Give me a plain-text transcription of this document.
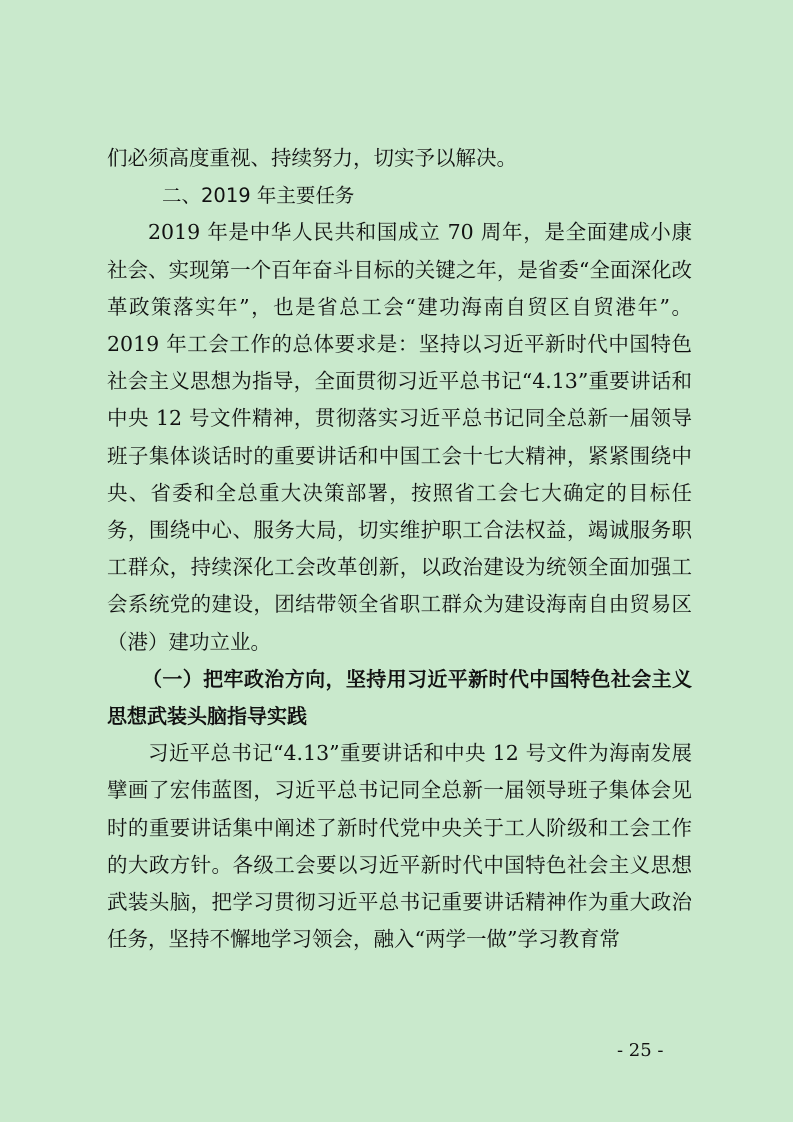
们必须高度重视、持续努力，切实予以解决。

二、2019 年主要任务

2019 年是中华人民共和国成立 70 周年，是全面建成小康社会、实现第一个百年奋斗目标的关键之年，是省委“全面深化改革政策落实年”，也是省总工会“建功海南自贸区自贸港年”。2019 年工会工作的总体要求是：坚持以习近平新时代中国特色社会主义思想为指导，全面贯彻习近平总书记“4.13”重要讲话和中央 12 号文件精神，贯彻落实习近平总书记同全总新一届领导班子集体谈话时的重要讲话和中国工会十七大精神，紧紧围绕中央、省委和全总重大决策部署，按照省工会七大确定的目标任务，围绕中心、服务大局，切实维护职工合法权益，竭诚服务职工群众，持续深化工会改革创新，以政治建设为统领全面加强工会系统党的建设，团结带领全省职工群众为建设海南自由贸易区（港）建功立业。

（一）把牢政治方向，坚持用习近平新时代中国特色社会主义思想武装头脑指导实践

习近平总书记“4.13”重要讲话和中央 12 号文件为海南发展擘画了宏伟蓝图，习近平总书记同全总新一届领导班子集体会见时的重要讲话集中阐述了新时代党中央关于工人阶级和工会工作的大政方针。各级工会要以习近平新时代中国特色社会主义思想武装头脑，把学习贯彻习近平总书记重要讲话精神作为重大政治任务，坚持不懈地学习领会，融入“两学一做”学习教育常

- 25 -
